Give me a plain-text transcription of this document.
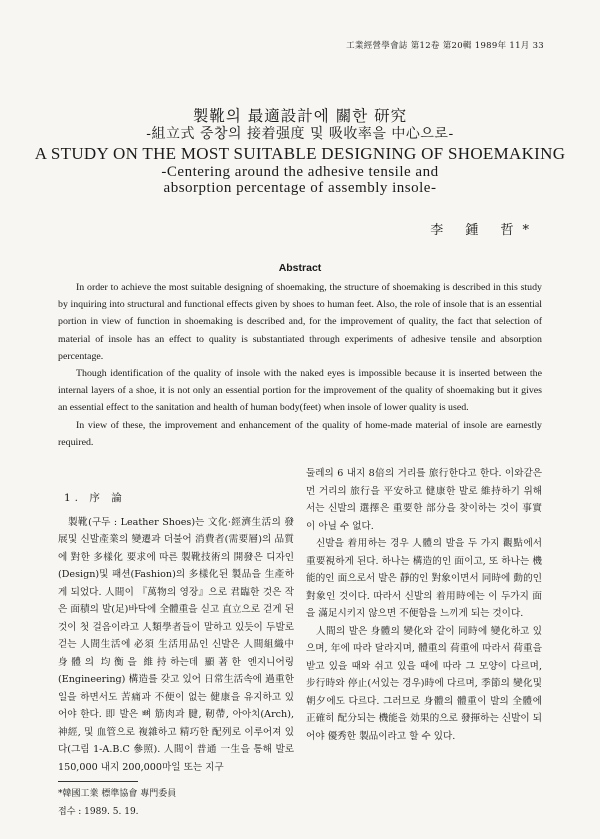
工業經營學會誌 第12卷 第20輯 1989年 11月 33
製靴의 最適設計에 關한 研究
-組立式 중창의 接着强度 및 吸收率을 中心으로-
A STUDY ON THE MOST SUITABLE DESIGNING OF SHOEMAKING
-Centering around the adhesive tensile and
absorption percentage of assembly insole-
李 鍾 哲*
Abstract

In order to achieve the most suitable designing of shoemaking, the structure of shoemaking is described in this study by inquiring into structural and functional effects given by shoes to human feet. Also, the role of insole that is an essential portion in view of function in shoemaking is described and, for the improvement of quality, the fact that selection of material of insole has an effect to quality is substantiated through experiments of adhesive tensile and absorption percentage.

Though identification of the quality of insole with the naked eyes is impossible because it is inserted between the internal layers of a shoe, it is not only an essential portion for the improvement of the quality of shoemaking but it gives an essential effect to the sanitation and health of human body(feet) when insole of lower quality is used.

In view of these, the improvement and enhancement of the quality of home-made material of insole are earnestly required.

1. 序 論

製靴(구두 : Leather Shoes)는 文化·經濟生活의 發展및 신발產業의 變遷과 더불어 消費者(需要層)의 品質에 對한 多樣化 要求에 따른 製靴技術의 開發은 디자인(Design)및 패션(Fashion)의 多樣化된 製品을 生產하게 되었다. 人間이 『萬物의 영장』으로 君臨한 것은 작은 面積의 발(足)바닥에 全體重을 싣고 直立으로 걷게 된 것이 첫 걸음이라고 人類學者들이 말하고 있듯이 두발로 걷는 人間生活에 必須 生活用品인 신발은 人間組織中 身體의 均衡을 維持하는데 顯著한 엔지니어링(Engineering) 構造를 갖고 있어 日常生活속에 過重한 일을 하면서도 苦痛과 不便이 없는 健康을 유지하고 있어야 한다. 即 발은 뼈 筋肉과 腱, 靭帶, 아아치(Arch), 神經, 및 血管으로 複雜하고 精巧한 配列로 이루어져 있다(그림 1-A.B.C 參照). 人間이 普通 一生을 통해 발로 150,000 내지 200,000마일 또는 지구

둘레의 6 내지 8倍의 거리를 旅行한다고 한다. 이와같은 먼 거리의 旅行을 平安하고 健康한 발로 維持하기 위해서는 신발의 選擇은 重要한 部分을 찾이하는 것이 事實이 아닐 수 없다.

신발을 着用하는 경우 人體의 발을 두 가지 觀點에서 重要視하게 된다. 하나는 構造的인 面이고, 또 하나는 機能的인 面으로서 발은 靜的인 對象이면서 同時에 動的인 對象인 것이다. 따라서 신발의 着用時에는 이 두가지 面을 滿足시키지 않으면 不便함을 느끼게 되는 것이다.

人間의 발은 身體의 變化와 같이 同時에 變化하고 있으며, 年에 따라 달라지며, 體重의 荷重에 따라서 荷重을 받고 있을 때와 쉬고 있을 때에 따라 그 모양이 다르며, 步行時와 停止(서있는 경우)時에 다르며, 季節의 變化및 朝夕에도 다르다. 그러므로 身體의 體重이 발의 全體에 正確히 配分되는 機能을 効果的으로 發揮하는 신발이 되어야 優秀한 製品이라고 할 수 있다.

*韓國工業 標準協會 專門委員
접수 : 1989. 5. 19.
